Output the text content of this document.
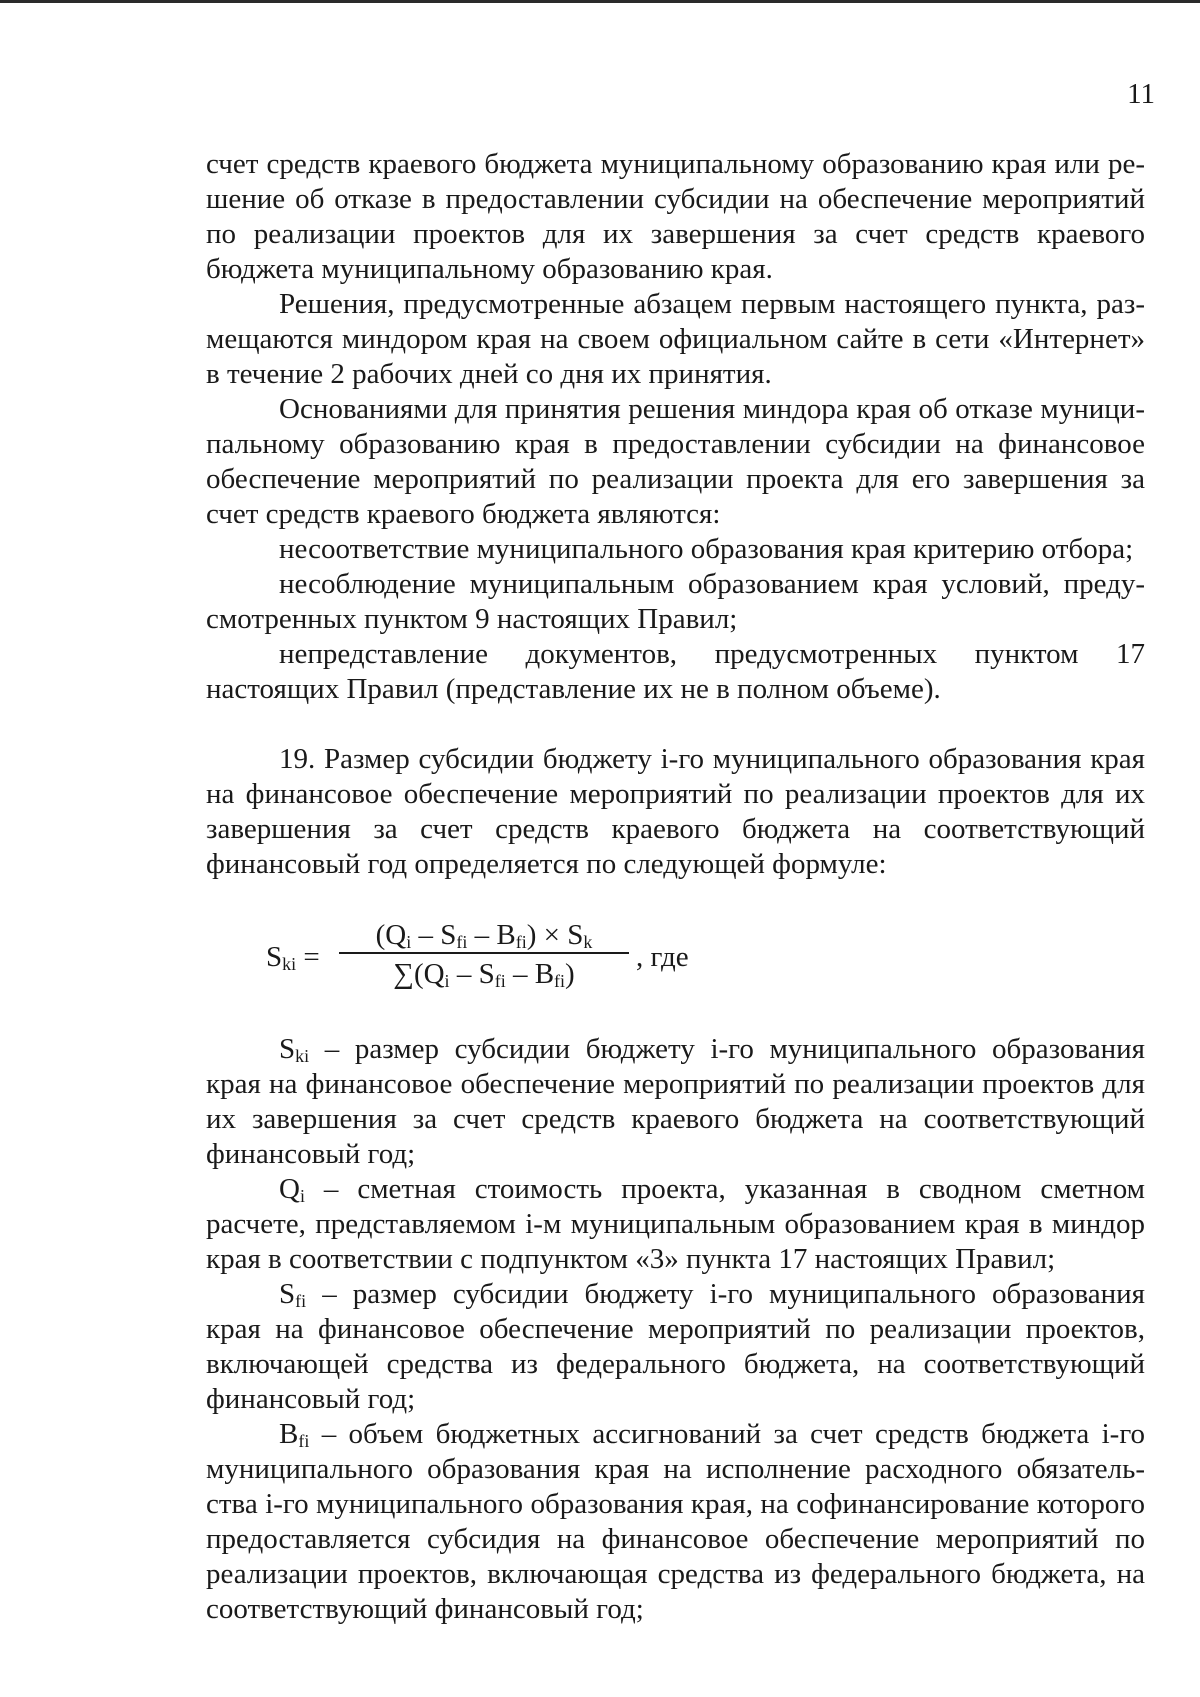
11

счет средств краевого бюджета муниципальному образованию края или решение об отказе в предоставлении субсидии на обеспечение мероприятий по реализации проектов для их завершения за счет средств краевого бюджета муниципальному образованию края.

Решения, предусмотренные абзацем первым настоящего пункта, размещаются миндором края на своем официальном сайте в сети «Интернет» в течение 2 рабочих дней со дня их принятия.

Основаниями для принятия решения миндора края об отказе муниципальному образованию края в предоставлении субсидии на финансовое обеспечение мероприятий по реализации проекта для его завершения за счет средств краевого бюджета являются:

несоответствие муниципального образования края критерию отбора;

несоблюдение муниципальным образованием края условий, предусмотренных пунктом 9 настоящих Правил;

непредставление документов, предусмотренных пунктом 17 настоящих Правил (представление их не в полном объеме).

19. Размер субсидии бюджету i-го муниципального образования края на финансовое обеспечение мероприятий по реализации проектов для их завершения за счет средств краевого бюджета на соответствующий финансовый год определяется по следующей формуле:

$S_{ki}$ =
$(Q_i - S_{fi} - B_{fi}) \times S_k$
$\sum(Q_i - S_{fi} - B_{fi})$
, где

$S_{ki}$ – размер субсидии бюджету i-го муниципального образования края на финансовое обеспечение мероприятий по реализации проектов для их завершения за счет средств краевого бюджета на соответствующий финансовый год;

$Q_i$ – сметная стоимость проекта, указанная в сводном сметном расчете, представляемом i-м муниципальным образованием края в миндор края в соответствии с подпунктом «3» пункта 17 настоящих Правил;

$S_{fi}$ – размер субсидии бюджету i-го муниципального образования края на финансовое обеспечение мероприятий по реализации проектов, включающей средства из федерального бюджета, на соответствующий финансовый год;

$B_{fi}$ – объем бюджетных ассигнований за счет средств бюджета i-го муниципального образования края на исполнение расходного обязательства i-го муниципального образования края, на софинансирование которого предоставляется субсидия на финансовое обеспечение мероприятий по реализации проектов, включающая средства из федерального бюджета, на соответствующий финансовый год;
